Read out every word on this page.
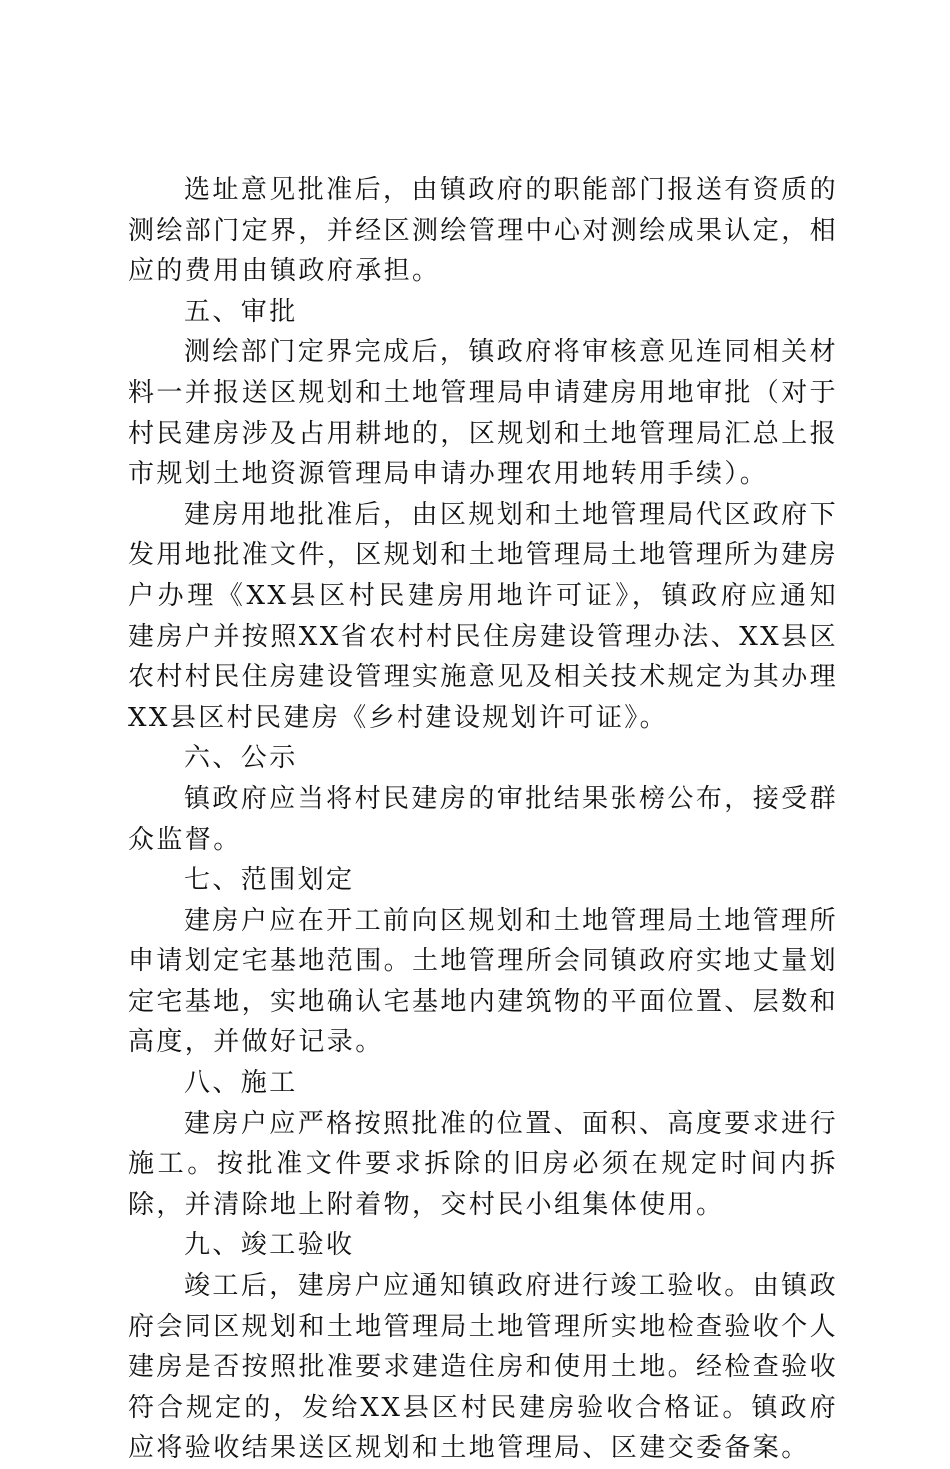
选址意见批准后，由镇政府的职能部门报送有资质的测绘部门定界，并经区测绘管理中心对测绘成果认定，相应的费用由镇政府承担。

五、审批

测绘部门定界完成后，镇政府将审核意见连同相关材料一并报送区规划和土地管理局申请建房用地审批（对于村民建房涉及占用耕地的，区规划和土地管理局汇总上报市规划土地资源管理局申请办理农用地转用手续）。

建房用地批准后，由区规划和土地管理局代区政府下发用地批准文件，区规划和土地管理局土地管理所为建房户办理《XX县区村民建房用地许可证》，镇政府应通知建房户并按照XX省农村村民住房建设管理办法、XX县区农村村民住房建设管理实施意见及相关技术规定为其办理XX县区村民建房《乡村建设规划许可证》。

六、公示

镇政府应当将村民建房的审批结果张榜公布，接受群众监督。

七、范围划定

建房户应在开工前向区规划和土地管理局土地管理所申请划定宅基地范围。土地管理所会同镇政府实地丈量划定宅基地，实地确认宅基地内建筑物的平面位置、层数和高度，并做好记录。

八、施工

建房户应严格按照批准的位置、面积、高度要求进行施工。按批准文件要求拆除的旧房必须在规定时间内拆除，并清除地上附着物，交村民小组集体使用。

九、竣工验收

竣工后，建房户应通知镇政府进行竣工验收。由镇政府会同区规划和土地管理局土地管理所实地检查验收个人建房是否按照批准要求建造住房和使用土地。经检查验收符合规定的，发给XX县区村民建房验收合格证。镇政府应将验收结果送区规划和土地管理局、区建交委备案。
